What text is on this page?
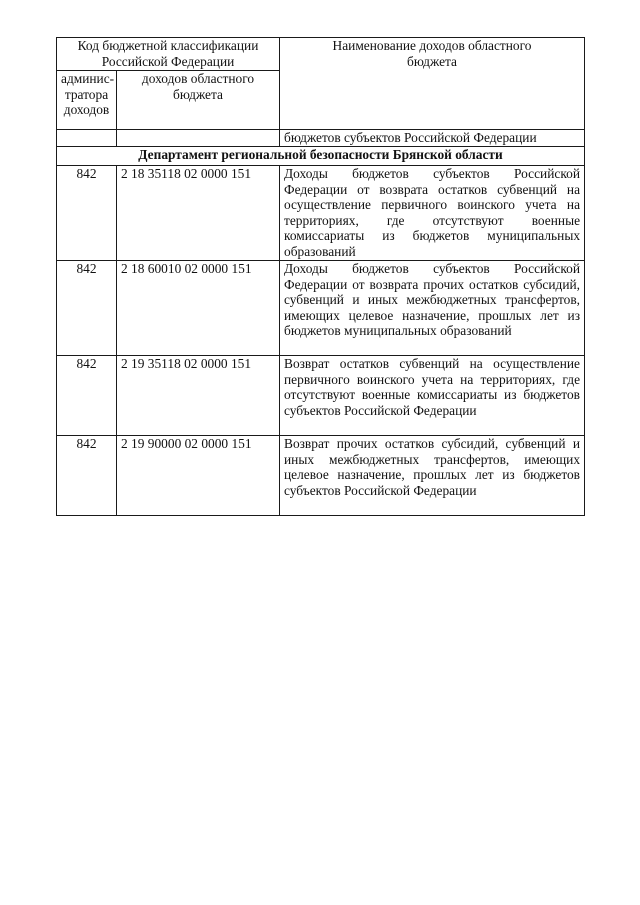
Код бюджетной классификации Российской Федерации		Наименование доходов областного бюджета
админис-тратора доходов	доходов областного бюджета	
		бюджетов субъектов Российской Федерации
Департамент региональной безопасности Брянской области		
842	2 18 35118 02 0000 151	Доходы бюджетов субъектов Российской Федерации от возврата остатков субвенций на осуществление первичного воинского учета на территориях, где отсутствуют военные комиссариаты из бюджетов муниципальных образований
842	2 18 60010 02 0000 151	Доходы бюджетов субъектов Российской Федерации от возврата прочих остатков субсидий, субвенций и иных межбюджетных трансфертов, имеющих целевое назначение, прошлых лет из бюджетов муниципальных образований
842	2 19 35118 02 0000 151	Возврат остатков субвенций на осуществление первичного воинского учета на территориях, где отсутствуют военные комиссариаты из бюджетов субъектов Российской Федерации
842	2 19 90000 02 0000 151	Возврат прочих остатков субсидий, субвенций и иных межбюджетных трансфертов, имеющих целевое назначение, прошлых лет из бюджетов субъектов Российской Федерации
